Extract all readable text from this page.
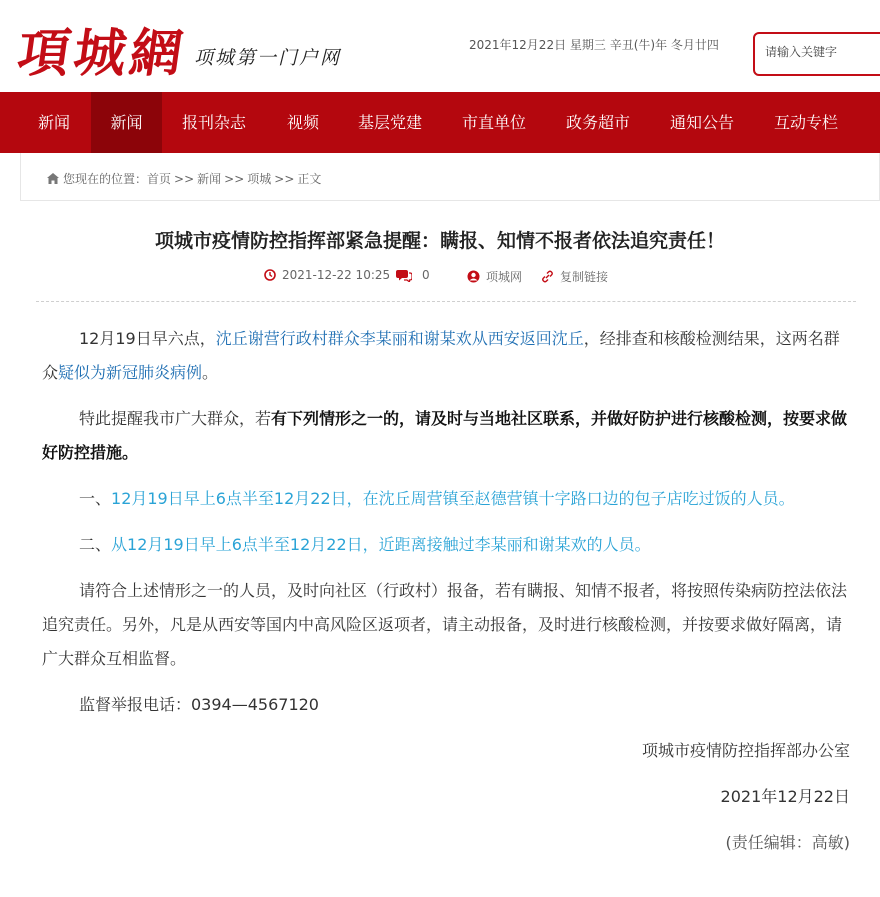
項城網 项城第一门户网
2021年12月22日 星期三 辛丑(牛)年 冬月廿四
请输入关键字
新闻	新闻	报刊杂志	视频	基层党建	市直单位	政务超市	通知公告	互动专栏
您现在的位置： 首页 >> 新闻 >> 项城 >> 正文
项城市疫情防控指挥部紧急提醒：瞒报、知情不报者依法追究责任！
2021-12-22 10:25	0	项城网	复制链接

12月19日早六点，沈丘谢营行政村群众李某丽和谢某欢从西安返回沈丘，经排查和核酸检测结果，这两名群众疑似为新冠肺炎病例。

特此提醒我市广大群众，若有下列情形之一的，请及时与当地社区联系，并做好防护进行核酸检测，按要求做好防控措施。

一、12月19日早上6点半至12月22日，在沈丘周营镇至赵德营镇十字路口边的包子店吃过饭的人员。

二、从12月19日早上6点半至12月22日，近距离接触过李某丽和谢某欢的人员。

请符合上述情形之一的人员，及时向社区（行政村）报备，若有瞒报、知情不报者，将按照传染病防控法依法追究责任。另外，凡是从西安等国内中高风险区返项者，请主动报备，及时进行核酸检测，并按要求做好隔离，请广大群众互相监督。

监督举报电话：0394—4567120

项城市疫情防控指挥部办公室

2021年12月22日

(责任编辑：高敏)
